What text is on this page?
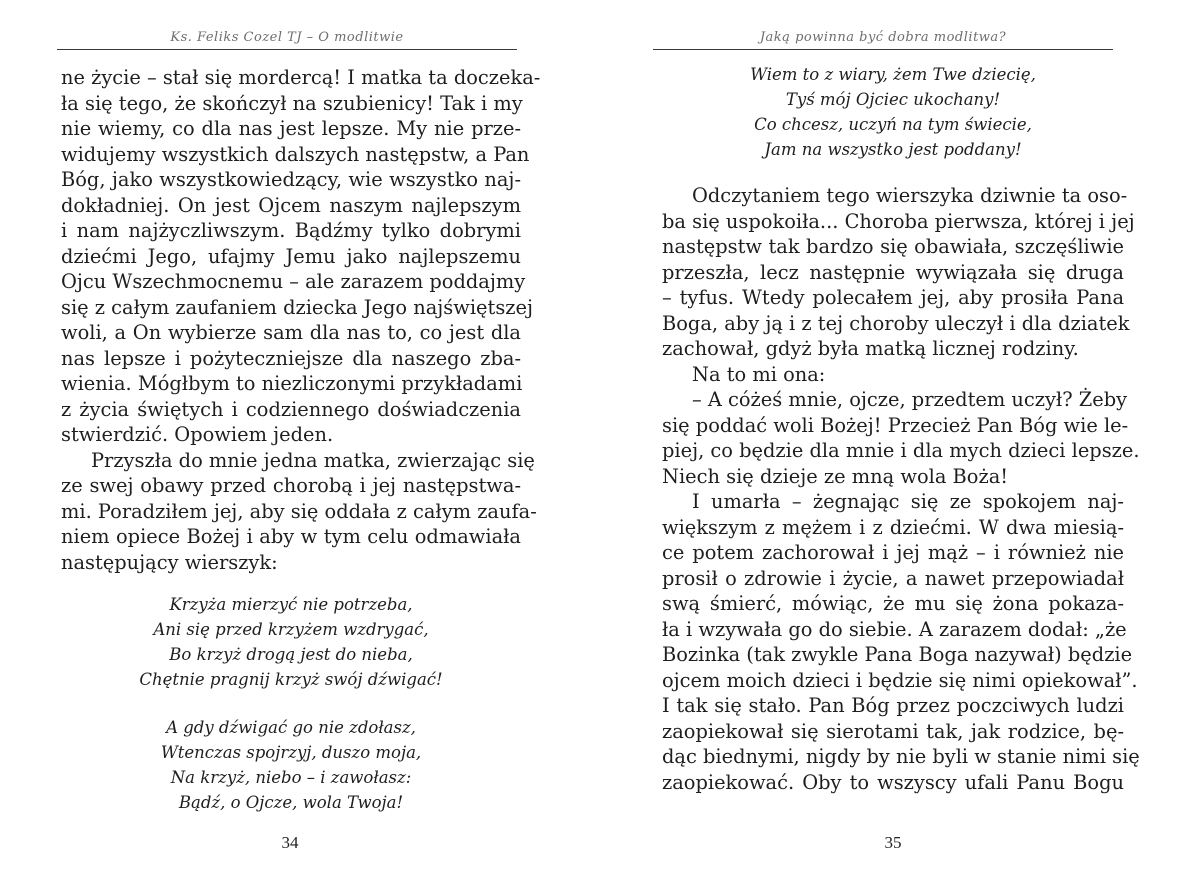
Ks. Feliks Cozel TJ – O modlitwie
ne życie – stał się mordercą! I matka ta doczeka-
ła się tego, że skończył na szubienicy! Tak i my
nie wiemy, co dla nas jest lepsze. My nie prze-
widujemy wszystkich dalszych następstw, a Pan
Bóg, jako wszystkowiedzący, wie wszystko naj-
dokładniej. On jest Ojcem naszym najlepszym
i nam najżyczliwszym. Bądźmy tylko dobrymi
dziećmi Jego, ufajmy Jemu jako najlepszemu
Ojcu Wszechmocnemu – ale zarazem poddajmy
się z całym zaufaniem dziecka Jego najświętszej
woli, a On wybierze sam dla nas to, co jest dla
nas lepsze i pożyteczniejsze dla naszego zba-
wienia. Mógłbym to niezliczonymi przykładami
z życia świętych i codziennego doświadczenia
stwierdzić. Opowiem jeden.
Przyszła do mnie jedna matka, zwierzając się
ze swej obawy przed chorobą i jej następstwa-
mi. Poradziłem jej, aby się oddała z całym zaufa-
niem opiece Bożej i aby w tym celu odmawiała
następujący wierszyk:
Krzyża mierzyć nie potrzeba,
Ani się przed krzyżem wzdrygać,
Bo krzyż drogą jest do nieba,
Chętnie pragnij krzyż swój dźwigać!
A gdy dźwigać go nie zdołasz,
Wtenczas spojrzyj, duszo moja,
Na krzyż, niebo – i zawołasz:
Bądź, o Ojcze, wola Twoja!
34
Jaką powinna być dobra modlitwa?
35
Wiem to z wiary, żem Twe dziecię,
Tyś mój Ojciec ukochany!
Co chcesz, uczyń na tym świecie,
Jam na wszystko jest poddany!
Odczytaniem tego wierszyka dziwnie ta oso-
ba się uspokoiła... Choroba pierwsza, której i jej
następstw tak bardzo się obawiała, szczęśliwie
przeszła, lecz następnie wywiązała się druga
– tyfus. Wtedy polecałem jej, aby prosiła Pana
Boga, aby ją i z tej choroby uleczył i dla dziatek
zachował, gdyż była matką licznej rodziny.
Na to mi ona:
– A cóżeś mnie, ojcze, przedtem uczył? Żeby
się poddać woli Bożej! Przecież Pan Bóg wie le-
piej, co będzie dla mnie i dla mych dzieci lepsze.
Niech się dzieje ze mną wola Boża!
I umarła – żegnając się ze spokojem naj-
większym z mężem i z dziećmi. W dwa miesią-
ce potem zachorował i jej mąż – i również nie
prosił o zdrowie i życie, a nawet przepowiadał
swą śmierć, mówiąc, że mu się żona pokaza-
ła i wzywała go do siebie. A zarazem dodał: „że
Bozinka (tak zwykle Pana Boga nazywał) będzie
ojcem moich dzieci i będzie się nimi opiekował”.
I tak się stało. Pan Bóg przez poczciwych ludzi
zaopiekował się sierotami tak, jak rodzice, bę-
dąc biednymi, nigdy by nie byli w stanie nimi się
zaopiekować. Oby to wszyscy ufali Panu Bogu
